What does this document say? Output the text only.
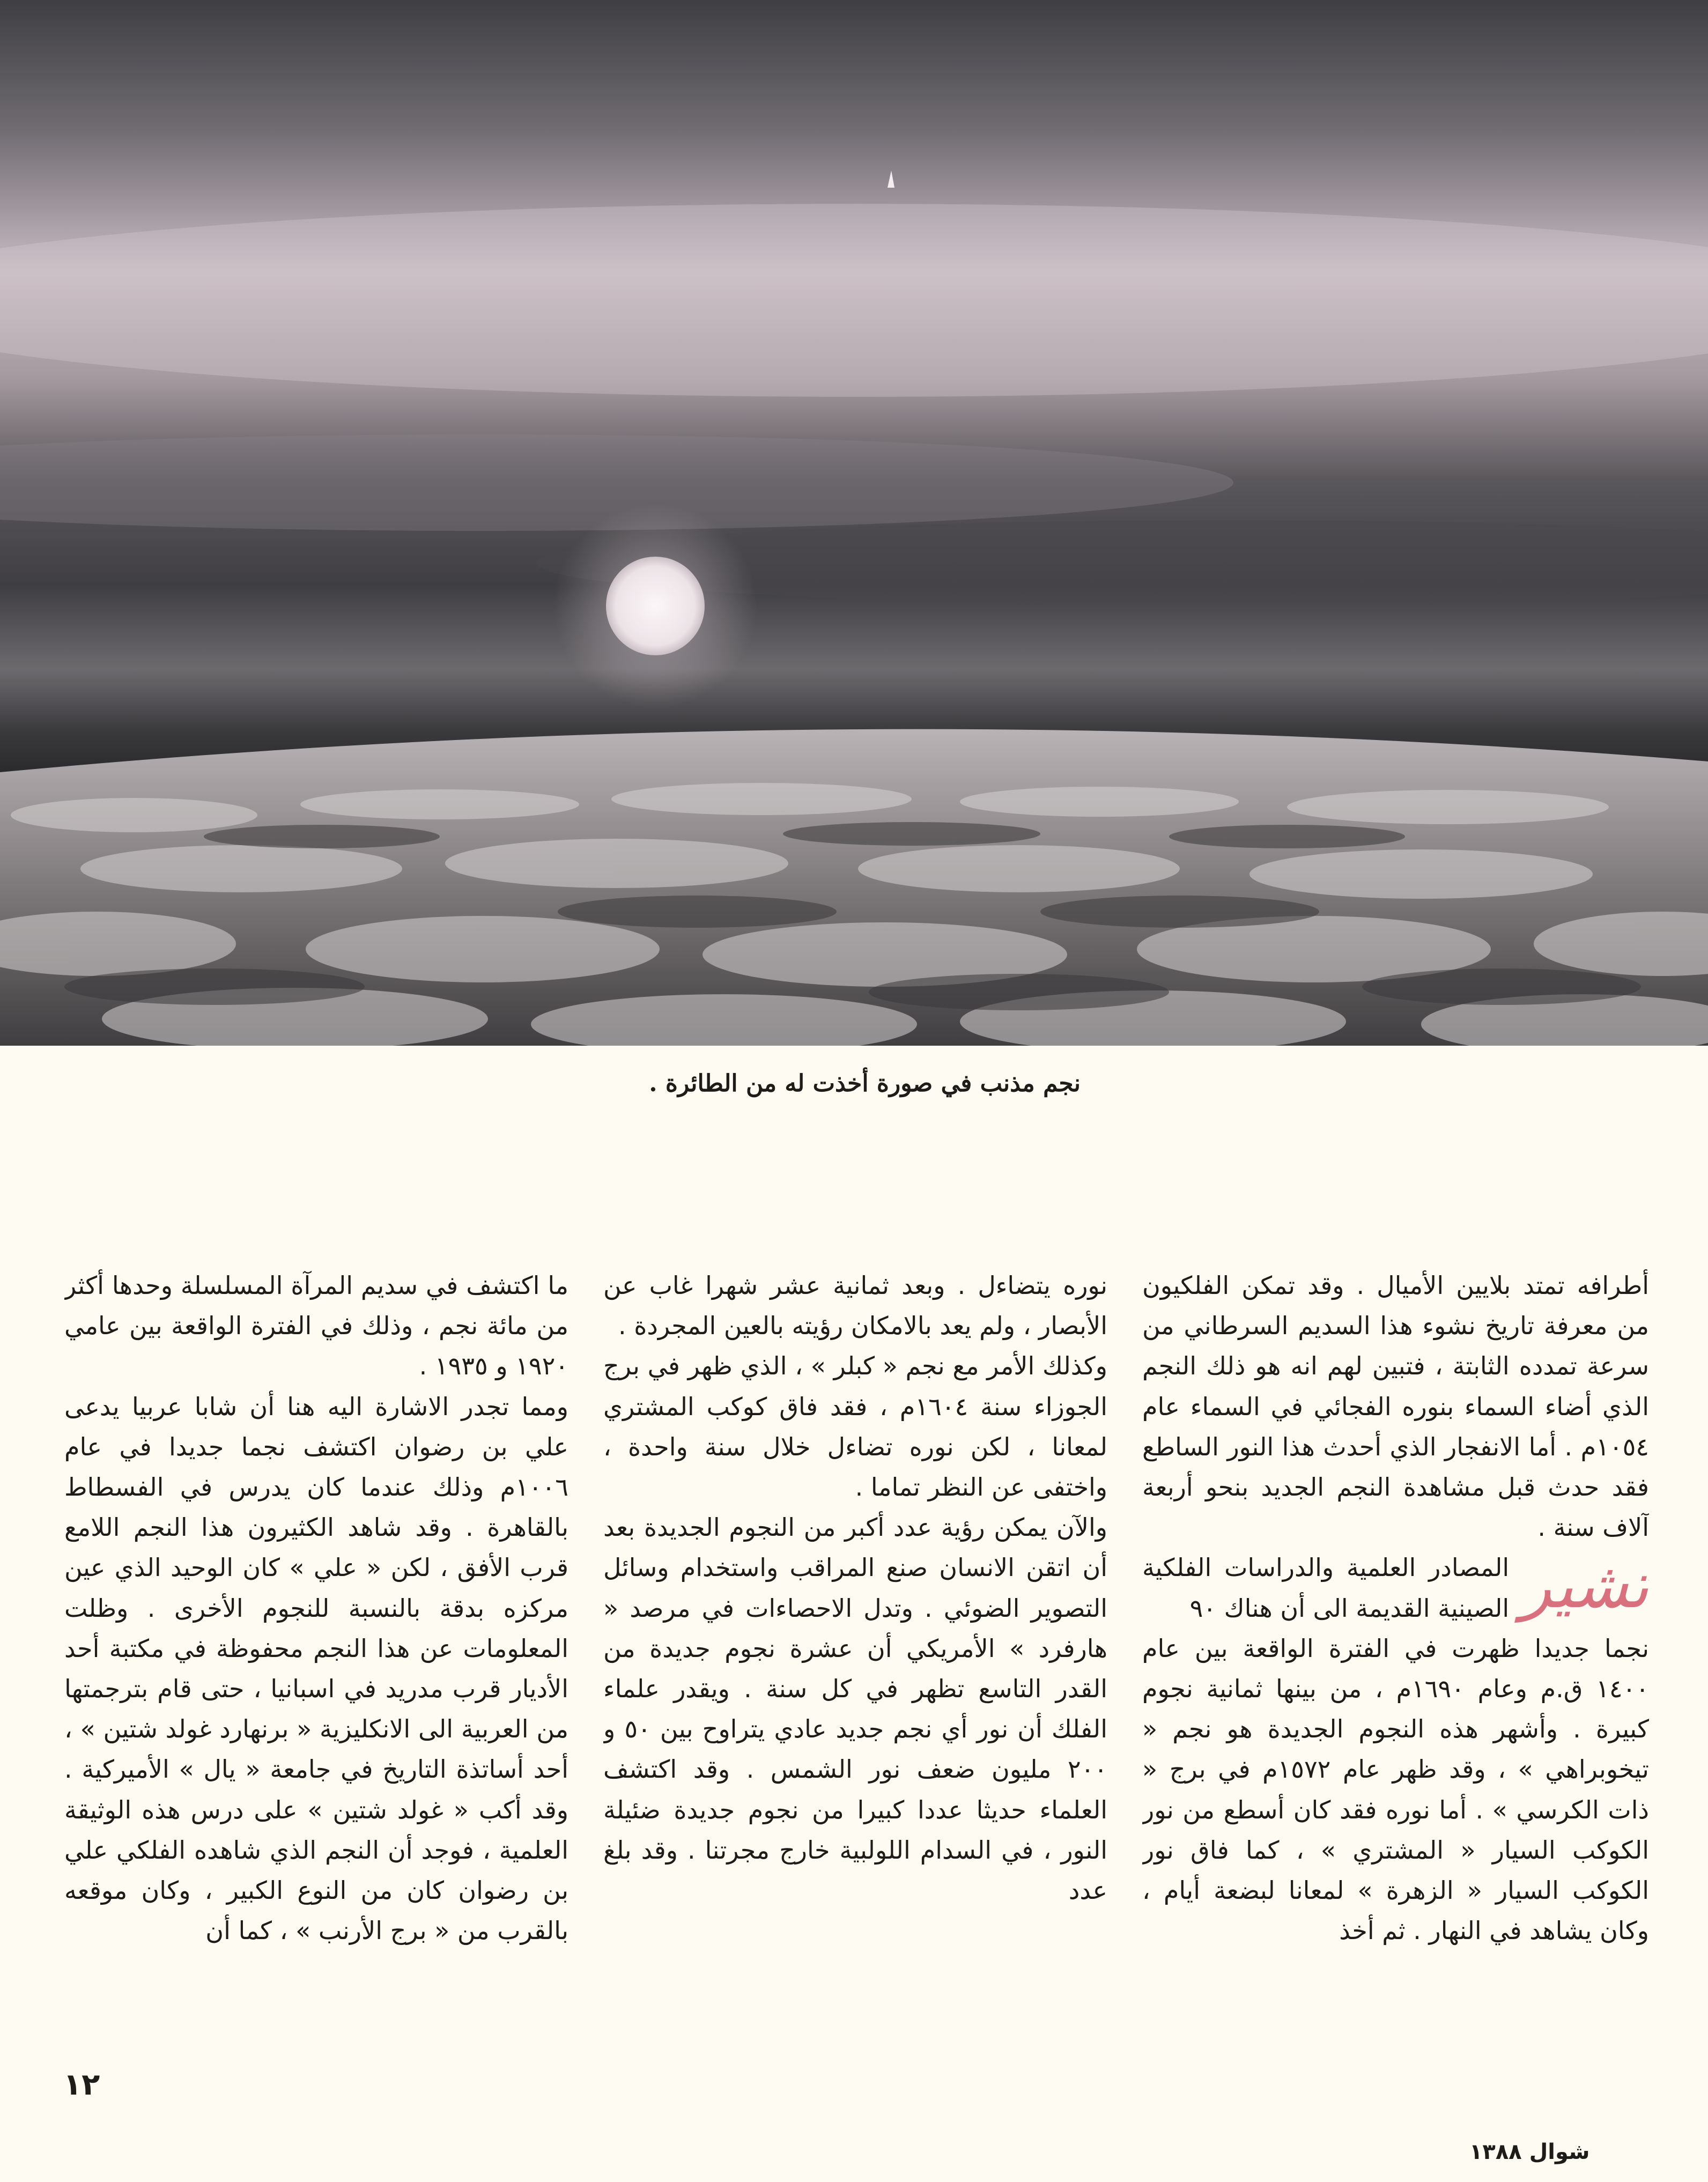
نجم مذنب في صورة أخذت له من الطائرة .

أطرافه تمتد بلايين الأميال . وقد تمكن الفلكيون من معرفة تاريخ نشوء هذا السديم السرطاني من سرعة تمدده الثابتة ، فتبين لهم انه هو ذلك النجم الذي أضاء السماء بنوره الفجائي في السماء عام ١٠٥٤م . أما الانفجار الذي أحدث هذا النور الساطع فقد حدث قبل مشاهدة النجم الجديد بنحو أربعة آلاف سنة .

تشير
المصادر العلمية والدراسات الفلكية الصينية القديمة الى أن هناك ٩٠

نجما جديدا ظهرت في الفترة الواقعة بين عام ١٤٠٠ ق.م وعام ١٦٩٠م ، من بينها ثمانية نجوم كبيرة . وأشهر هذه النجوم الجديدة هو نجم « تيخوبراهي » ، وقد ظهر عام ١٥٧٢م في برج « ذات الكرسي » . أما نوره فقد كان أسطع من نور الكوكب السيار « المشتري » ، كما فاق نور الكوكب السيار « الزهرة » لمعانا لبضعة أيام ، وكان يشاهد في النهار . ثم أخذ

نوره يتضاءل . وبعد ثمانية عشر شهرا غاب عن الأبصار ، ولم يعد بالامكان رؤيته بالعين المجردة .

وكذلك الأمر مع نجم « كبلر » ، الذي ظهر في برج الجوزاء سنة ١٦٠٤م ، فقد فاق كوكب المشتري لمعانا ، لكن نوره تضاءل خلال سنة واحدة ، واختفى عن النظر تماما .

والآن يمكن رؤية عدد أكبر من النجوم الجديدة بعد أن اتقن الانسان صنع المراقب واستخدام وسائل التصوير الضوئي . وتدل الاحصاءات في مرصد « هارفرد » الأمريكي أن عشرة نجوم جديدة من القدر التاسع تظهر في كل سنة . ويقدر علماء الفلك أن نور أي نجم جديد عادي يتراوح بين ٥٠ و ٢٠٠ مليون ضعف نور الشمس . وقد اكتشف العلماء حديثا عددا كبيرا من نجوم جديدة ضئيلة النور ، في السدام اللولبية خارج مجرتنا . وقد بلغ عدد

ما اكتشف في سديم المرآة المسلسلة وحدها أكثر من مائة نجم ، وذلك في الفترة الواقعة بين عامي ١٩٢٠ و ١٩٣٥ .

ومما تجدر الاشارة اليه هنا أن شابا عربيا يدعى علي بن رضوان اكتشف نجما جديدا في عام ١٠٠٦م وذلك عندما كان يدرس في الفسطاط بالقاهرة . وقد شاهد الكثيرون هذا النجم اللامع قرب الأفق ، لكن « علي » كان الوحيد الذي عين مركزه بدقة بالنسبة للنجوم الأخرى . وظلت المعلومات عن هذا النجم محفوظة في مكتبة أحد الأديار قرب مدريد في اسبانيا ، حتى قام بترجمتها من العربية الى الانكليزية « برنهارد غولد شتين » ، أحد أساتذة التاريخ في جامعة « يال » الأميركية . وقد أكب « غولد شتين » على درس هذه الوثيقة العلمية ، فوجد أن النجم الذي شاهده الفلكي علي بن رضوان كان من النوع الكبير ، وكان موقعه بالقرب من « برج الأرنب » ، كما أن

١٢
شوال ١٣٨٨
